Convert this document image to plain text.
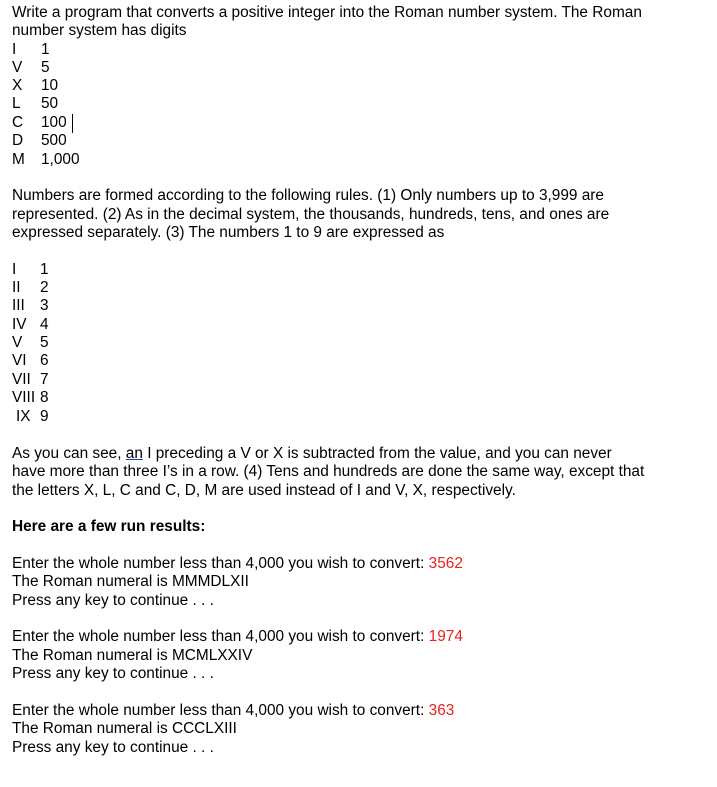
Write a program that converts a positive integer into the Roman number system. The Roman
number system has digits
I 1
V 5
X 10
L 50
C 100
D 500
M 1,000
Numbers are formed according to the following rules. (1) Only numbers up to 3,999 are
represented. (2) As in the decimal system, the thousands, hundreds, tens, and ones are
expressed separately. (3) The numbers 1 to 9 are expressed as
I 1
II 2
III 3
IV 4
V 5
VI 6
VII 7
VIII 8
IX 9
As you can see, an I preceding a V or X is subtracted from the value, and you can never
have more than three I’s in a row. (4) Tens and hundreds are done the same way, except that
the letters X, L, C and C, D, M are used instead of I and V, X, respectively.
Here are a few run results:
Enter the whole number less than 4,000 you wish to convert: 3562
The Roman numeral is MMMDLXII
Press any key to continue . . .
Enter the whole number less than 4,000 you wish to convert: 1974
The Roman numeral is MCMLXXIV
Press any key to continue . . .
Enter the whole number less than 4,000 you wish to convert: 363
The Roman numeral is CCCLXIII
Press any key to continue . . .
